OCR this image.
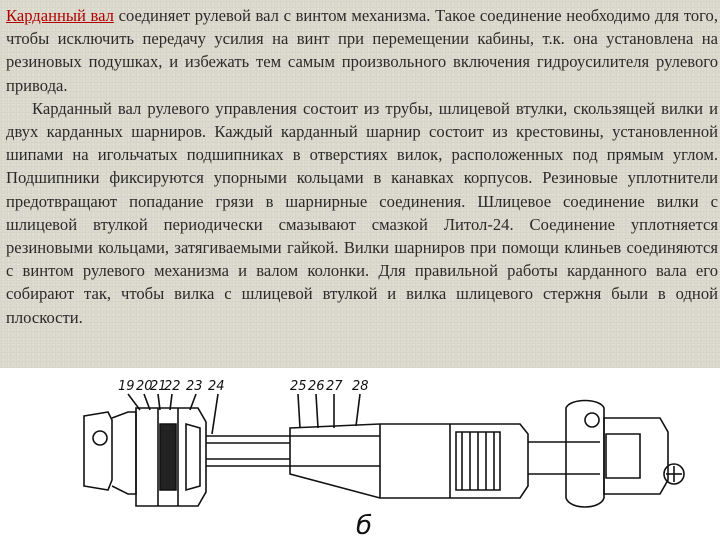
Карданный вал соединяет рулевой вал с винтом механизма. Такое соединение необходимо для того, чтобы исключить передачу усилия на винт при перемещении кабины, т.к. она установлена на резиновых подушках, и избежать тем самым произвольного включения гидроусилителя рулевого привода.

Карданный вал рулевого управления состоит из трубы, шлицевой втулки, скользящей вилки и двух карданных шарниров. Каждый карданный шарнир состоит из крестовины, установленной шипами на игольчатых подшипниках в отверстиях вилок, расположенных под прямым углом. Подшипники фиксируются упорными кольцами в канавках корпусов. Резиновые уплотнители предотвращают попадание грязи в шарнирные соединения. Шлицевое соединение вилки с шлицевой втулкой периодически смазывают смазкой Литол-24. Соединение уплотняется резиновыми кольцами, затягиваемыми гайкой. Вилки шарниров при помощи клиньев соединяются с винтом рулевого механизма и валом колонки. Для правильной работы карданного вала его собирают так, чтобы вилка с шлицевой втулкой и вилка шлицевого стержня были в одной плоскости.

19 20
21
22 23 24	25 26 27 28
б
